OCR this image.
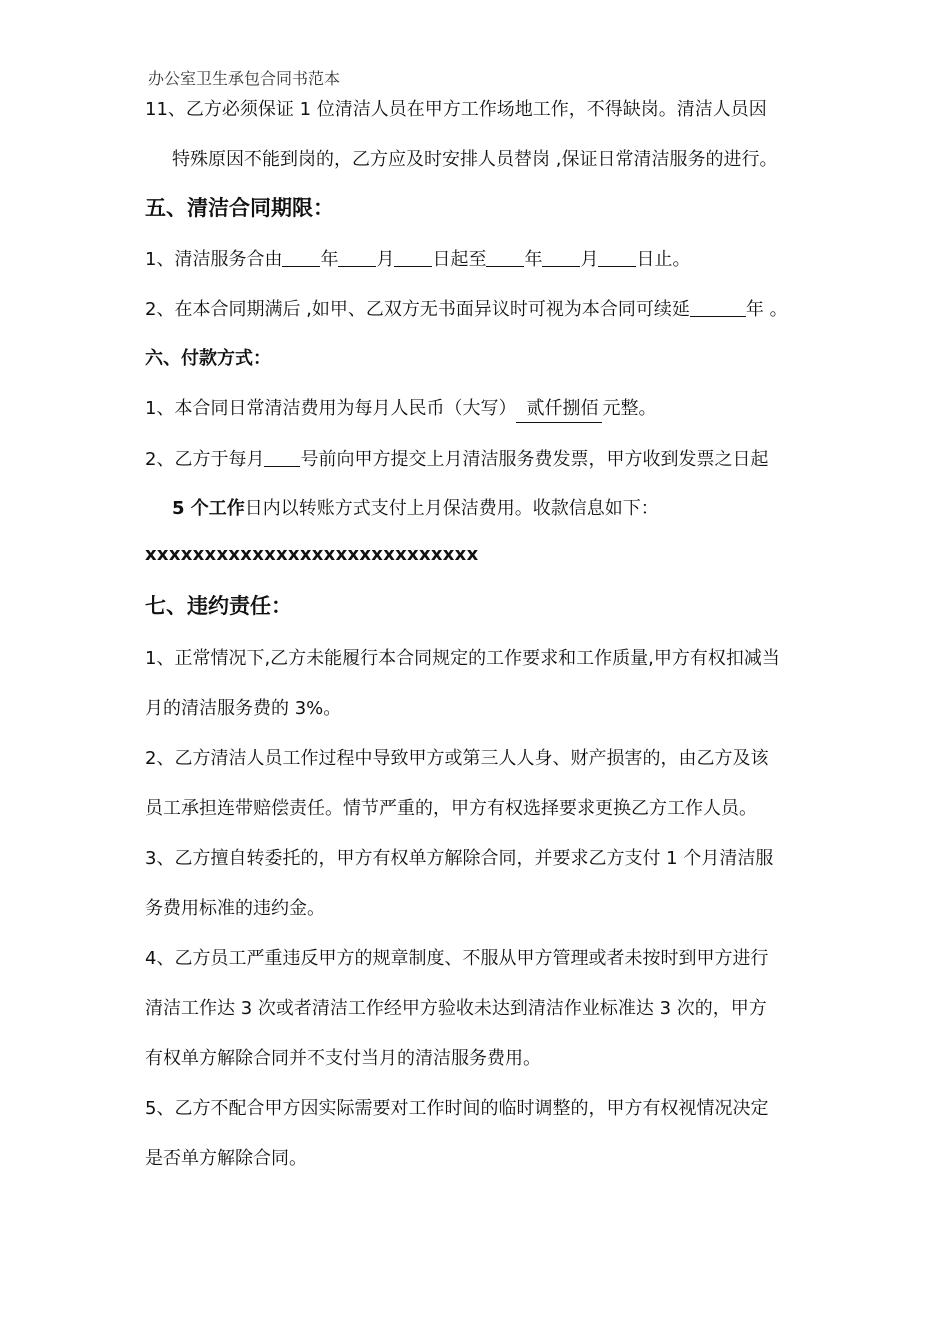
办公室卫生承包合同书范本
11、乙方必须保证 1 位清洁人员在甲方工作场地工作，不得缺岗。清洁人员因
特殊原因不能到岗的，乙方应及时安排人员替岗 ,保证日常清洁服务的进行。
五、清洁合同期限：
1、清洁服务合由 年 月 日起至 年 月 日止。
2、在本合同期满后 ,如甲、乙双方无书面异议时可视为本合同可续延	年 。
六、付款方式：
1、本合同日常清洁费用为每月人民币（大写） 贰仟捌佰 元整。
2、乙方于每月 号前向甲方提交上月清洁服务费发票，甲方收到发票之日起
5 个工作日内以转账方式支付上月保洁费用。收款信息如下：
xxxxxxxxxxxxxxxxxxxxxxxxxxxx
七、违约责任：
1、正常情况下,乙方未能履行本合同规定的工作要求和工作质量,甲方有权扣减当
月的清洁服务费的 3%。
2、乙方清洁人员工作过程中导致甲方或第三人人身、财产损害的，由乙方及该
员工承担连带赔偿责任。情节严重的，甲方有权选择要求更换乙方工作人员。
3、乙方擅自转委托的，甲方有权单方解除合同，并要求乙方支付 1 个月清洁服
务费用标准的违约金。
4、乙方员工严重违反甲方的规章制度、不服从甲方管理或者未按时到甲方进行
清洁工作达 3 次或者清洁工作经甲方验收未达到清洁作业标准达 3 次的，甲方
有权单方解除合同并不支付当月的清洁服务费用。
5、乙方不配合甲方因实际需要对工作时间的临时调整的，甲方有权视情况决定
是否单方解除合同。
